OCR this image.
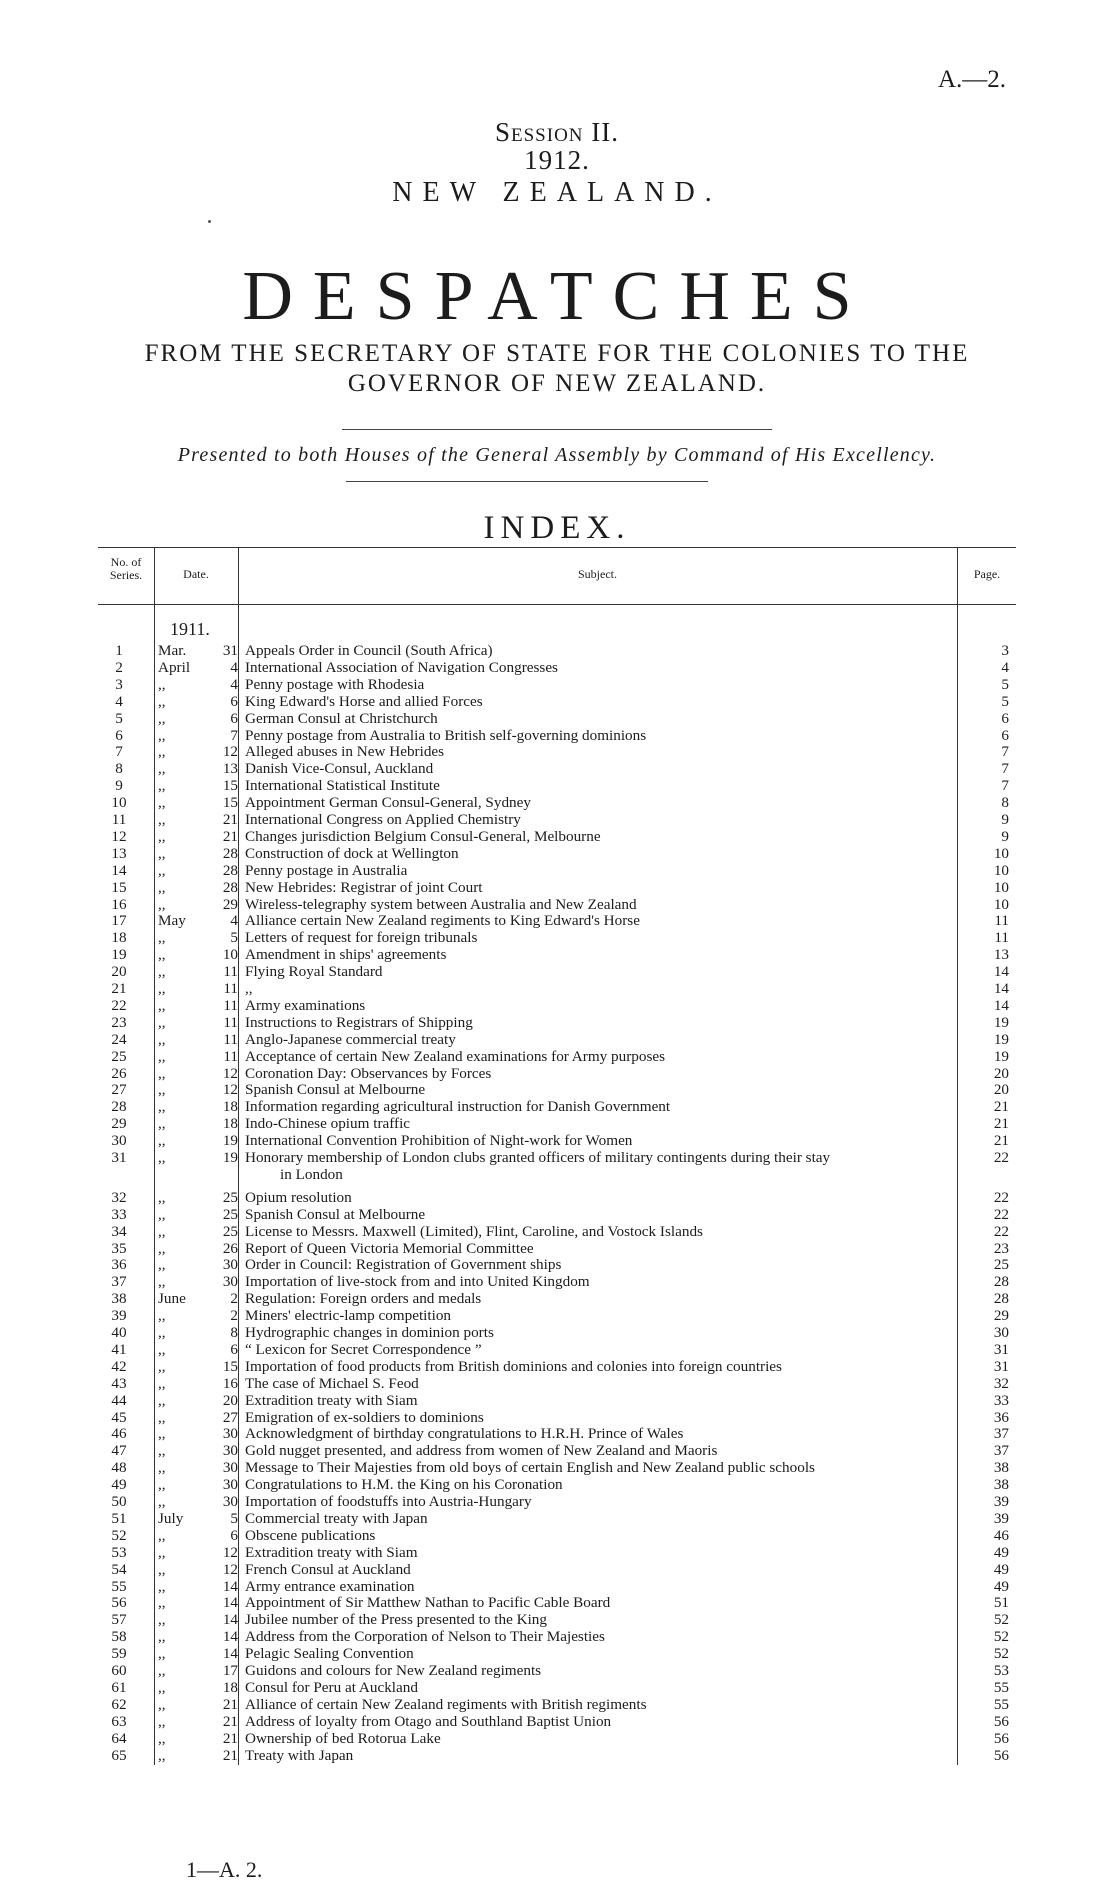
A.—2.
Session II.
1912.
NEW ZEALAND.
DESPATCHES
FROM THE SECRETARY OF STATE FOR THE COLONIES TO THE
GOVERNOR OF NEW ZEALAND.
Presented to both Houses of the General Assembly by Command of His Excellency.
INDEX.
No. of Series.	Date.	Subject.	Page.
1911.
1	Mar.	31 Appeals Order in Council (South Africa)	3
2	April	4 International Association of Navigation Congresses	4
3	,,	4 Penny postage with Rhodesia	5
4	,,	6 King Edward's Horse and allied Forces	5
5	,,	6 German Consul at Christchurch	6
6	,,	7 Penny postage from Australia to British self-governing dominions	6
7	,,	12 Alleged abuses in New Hebrides	7
8	,,	13 Danish Vice-Consul, Auckland	7
9	,,	15 International Statistical Institute	7
10	,,	15 Appointment German Consul-General, Sydney	8
11	,,	21 International Congress on Applied Chemistry	9
12	,,	21 Changes jurisdiction Belgium Consul-General, Melbourne	9
13	,,	28 Construction of dock at Wellington	10
14	,,	28 Penny postage in Australia	10
15	,,	28 New Hebrides: Registrar of joint Court	10
16	,,	29 Wireless-telegraphy system between Australia and New Zealand	10
17	May	4 Alliance certain New Zealand regiments to King Edward's Horse	11
18	,,	5 Letters of request for foreign tribunals	11
19	,,	10 Amendment in ships' agreements	13
20	,,	11 Flying Royal Standard	14
21	,,	11 ,,	14
22	,,	11 Army examinations	14
23	,,	11 Instructions to Registrars of Shipping	19
24	,,	11 Anglo-Japanese commercial treaty	19
25	,,	11 Acceptance of certain New Zealand examinations for Army purposes	19
26	,,	12 Coronation Day: Observances by Forces	20
27	,,	12 Spanish Consul at Melbourne	20
28	,,	18 Information regarding agricultural instruction for Danish Government	21
29	,,	18 Indo-Chinese opium traffic	21
30	,,	19 International Convention Prohibition of Night-work for Women	21
31	,,	19 Honorary membership of London clubs granted officers of military contingents during their stay	22
in London
32	,,	25 Opium resolution	22
33	,,	25 Spanish Consul at Melbourne	22
34	,,	25 License to Messrs. Maxwell (Limited), Flint, Caroline, and Vostock Islands	22
35	,,	26 Report of Queen Victoria Memorial Committee	23
36	,,	30 Order in Council: Registration of Government ships	25
37	,,	30 Importation of live-stock from and into United Kingdom	28
38	June	2 Regulation: Foreign orders and medals	28
39	,,	2 Miners' electric-lamp competition	29
40	,,	8 Hydrographic changes in dominion ports	30
41	,,	6 “ Lexicon for Secret Correspondence ”	31
42	,,	15 Importation of food products from British dominions and colonies into foreign countries	31
43	,,	16 The case of Michael S. Feod	32
44	,,	20 Extradition treaty with Siam	33
45	,,	27 Emigration of ex-soldiers to dominions	36
46	,,	30 Acknowledgment of birthday congratulations to H.R.H. Prince of Wales	37
47	,,	30 Gold nugget presented, and address from women of New Zealand and Maoris	37
48	,,	30 Message to Their Majesties from old boys of certain English and New Zealand public schools	38
49	,,	30 Congratulations to H.M. the King on his Coronation	38
50	,,	30 Importation of foodstuffs into Austria-Hungary	39
51	July	5 Commercial treaty with Japan	39
52	,,	6 Obscene publications	46
53	,,	12 Extradition treaty with Siam	49
54	,,	12 French Consul at Auckland	49
55	,,	14 Army entrance examination	49
56	,,	14 Appointment of Sir Matthew Nathan to Pacific Cable Board	51
57	,,	14 Jubilee number of the Press presented to the King	52
58	,,	14 Address from the Corporation of Nelson to Their Majesties	52
59	,,	14 Pelagic Sealing Convention	52
60	,,	17 Guidons and colours for New Zealand regiments	53
61	,,	18 Consul for Peru at Auckland	55
62	,,	21 Alliance of certain New Zealand regiments with British regiments	55
63	,,	21 Address of loyalty from Otago and Southland Baptist Union	56
64	,,	21 Ownership of bed Rotorua Lake	56
65	,,	21 Treaty with Japan	56
1—A. 2.
